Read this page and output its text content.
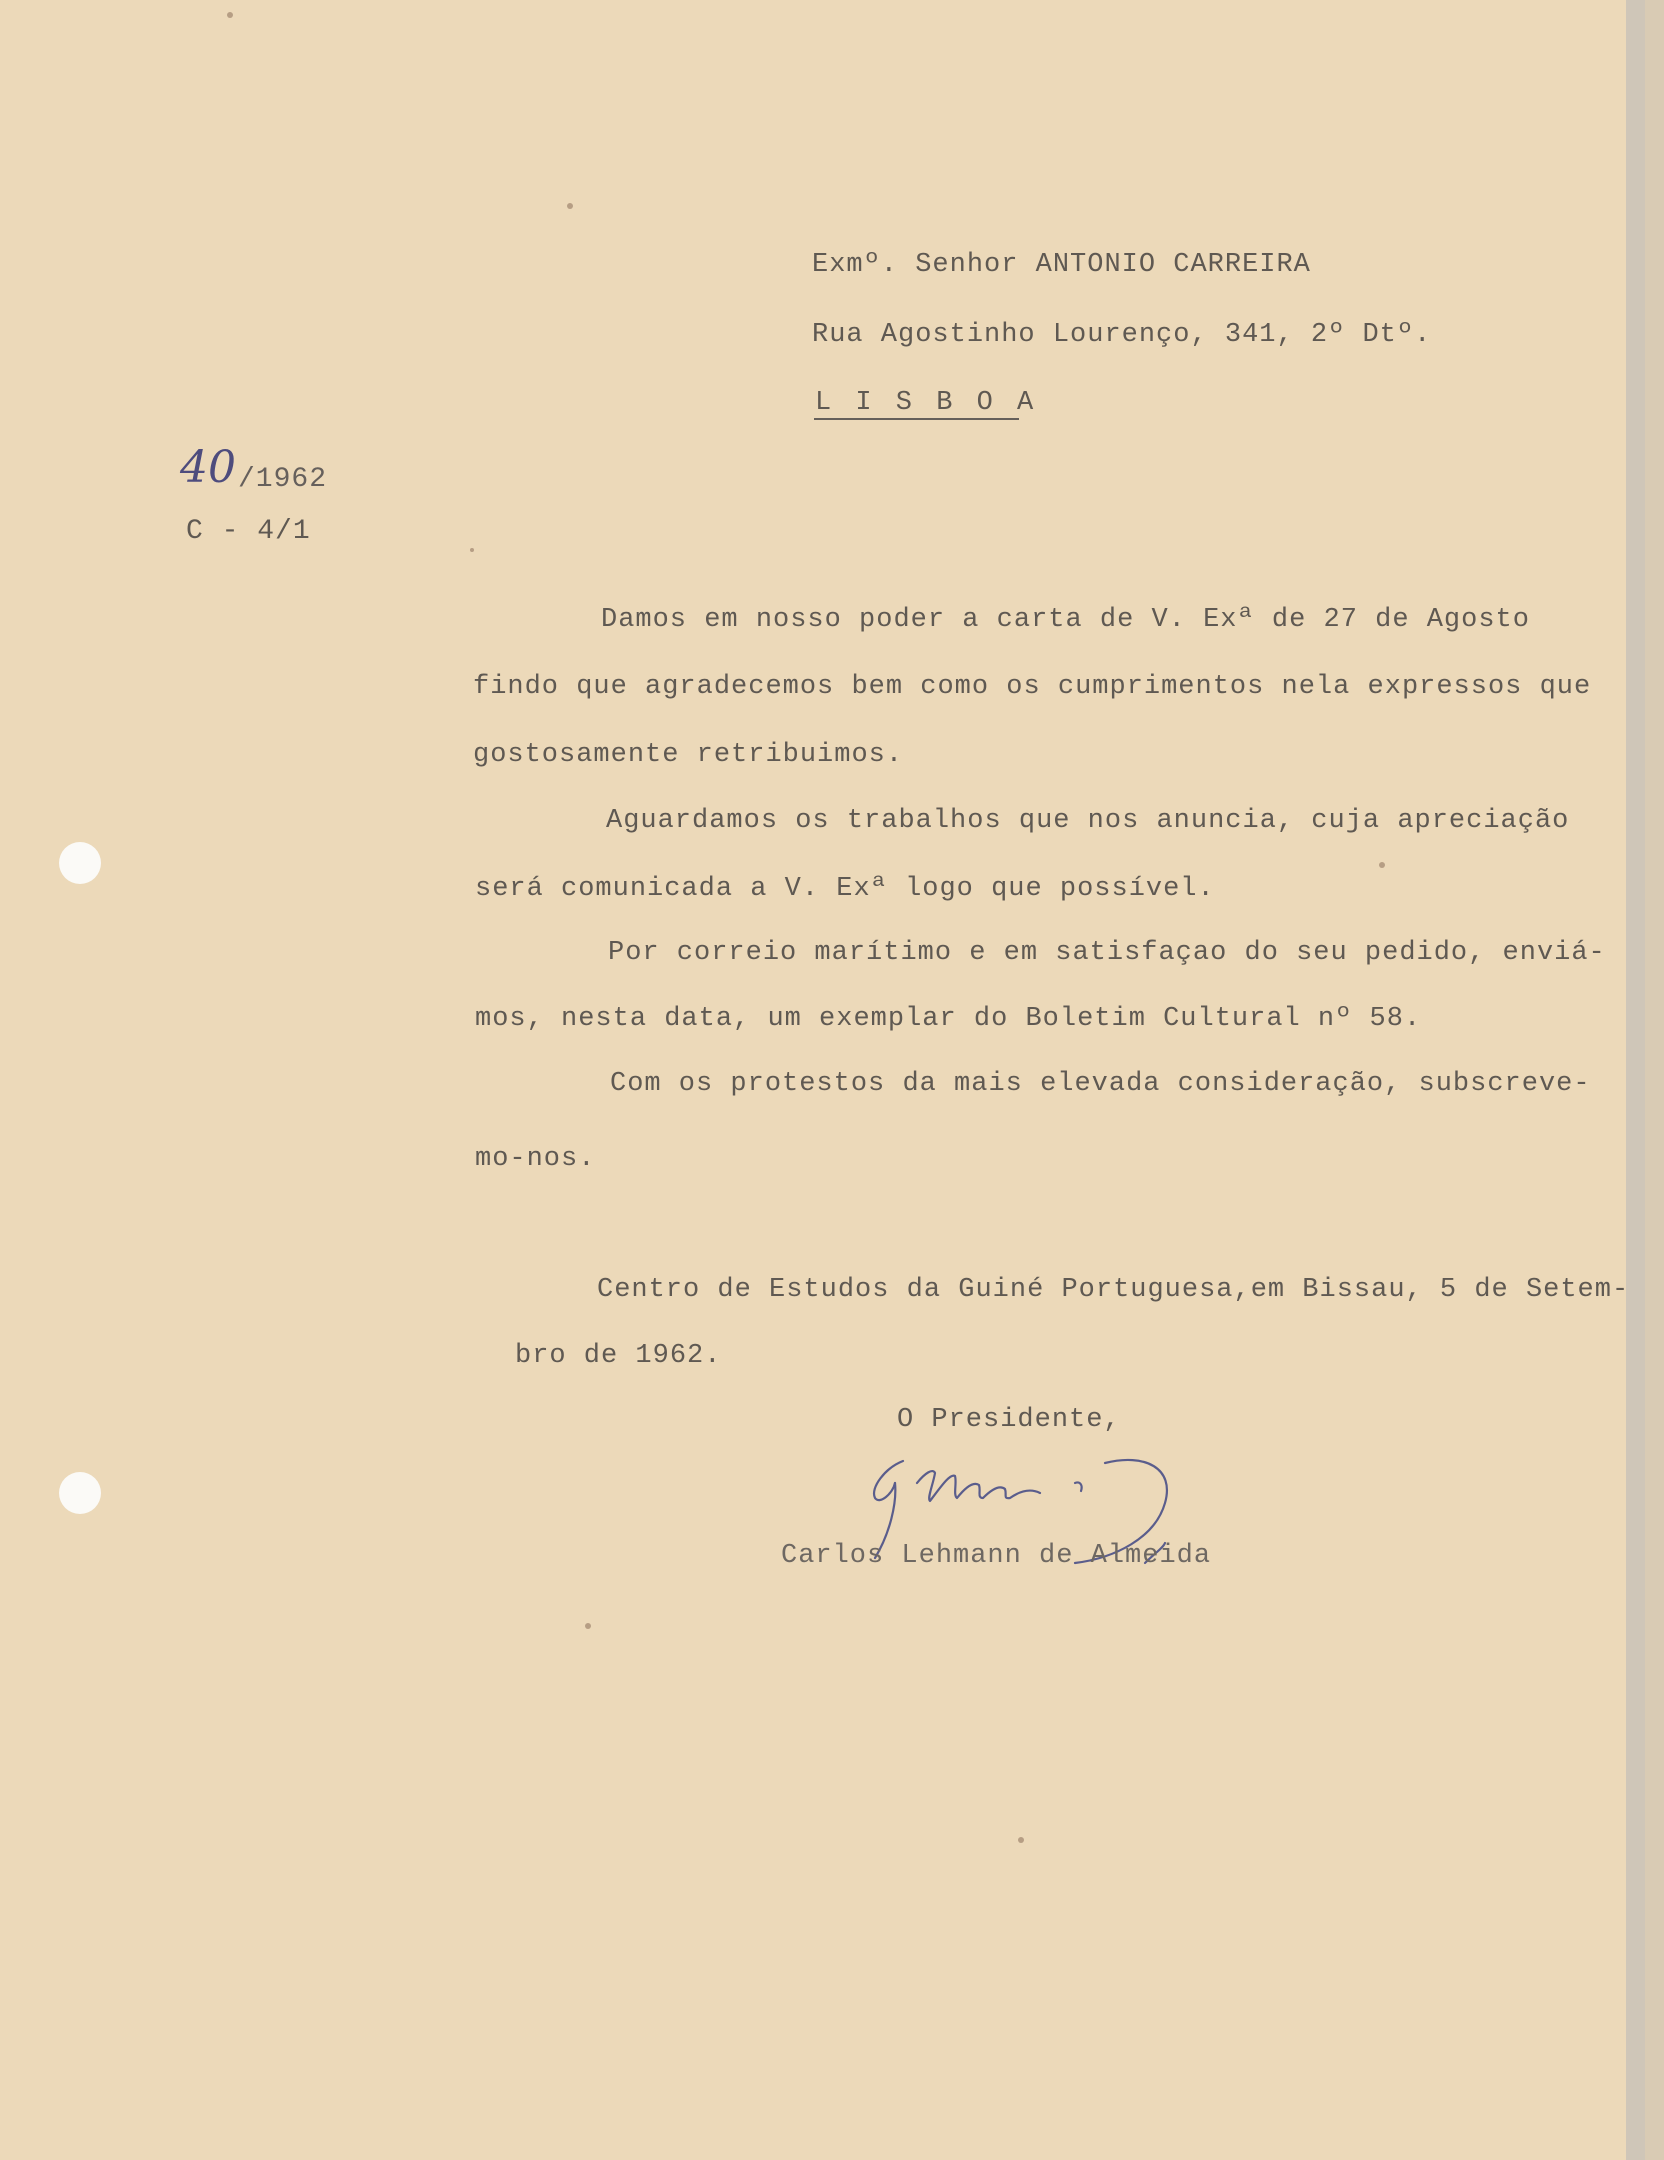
Exmº. Senhor ANTONIO CARREIRA
Rua Agostinho Lourenço, 341, 2º Dtº.
L I S B O A
40 /1962
C - 4/1
Damos em nosso poder a carta de V. Exª de 27 de Agosto
findo que agradecemos bem como os cumprimentos nela expressos que
gostosamente retribuimos.
Aguardamos os trabalhos que nos anuncia, cuja apreciação
será comunicada a V. Exª logo que possível.
Por correio marítimo e em satisfaçao do seu pedido, enviá-
mos, nesta data, um exemplar do Boletim Cultural nº 58.
Com os protestos da mais elevada consideração, subscreve-
mo-nos.
Centro de Estudos da Guiné Portuguesa,em Bissau, 5 de Setem-
bro de 1962.
O Presidente,
Carlos Lehmann de Almeida
